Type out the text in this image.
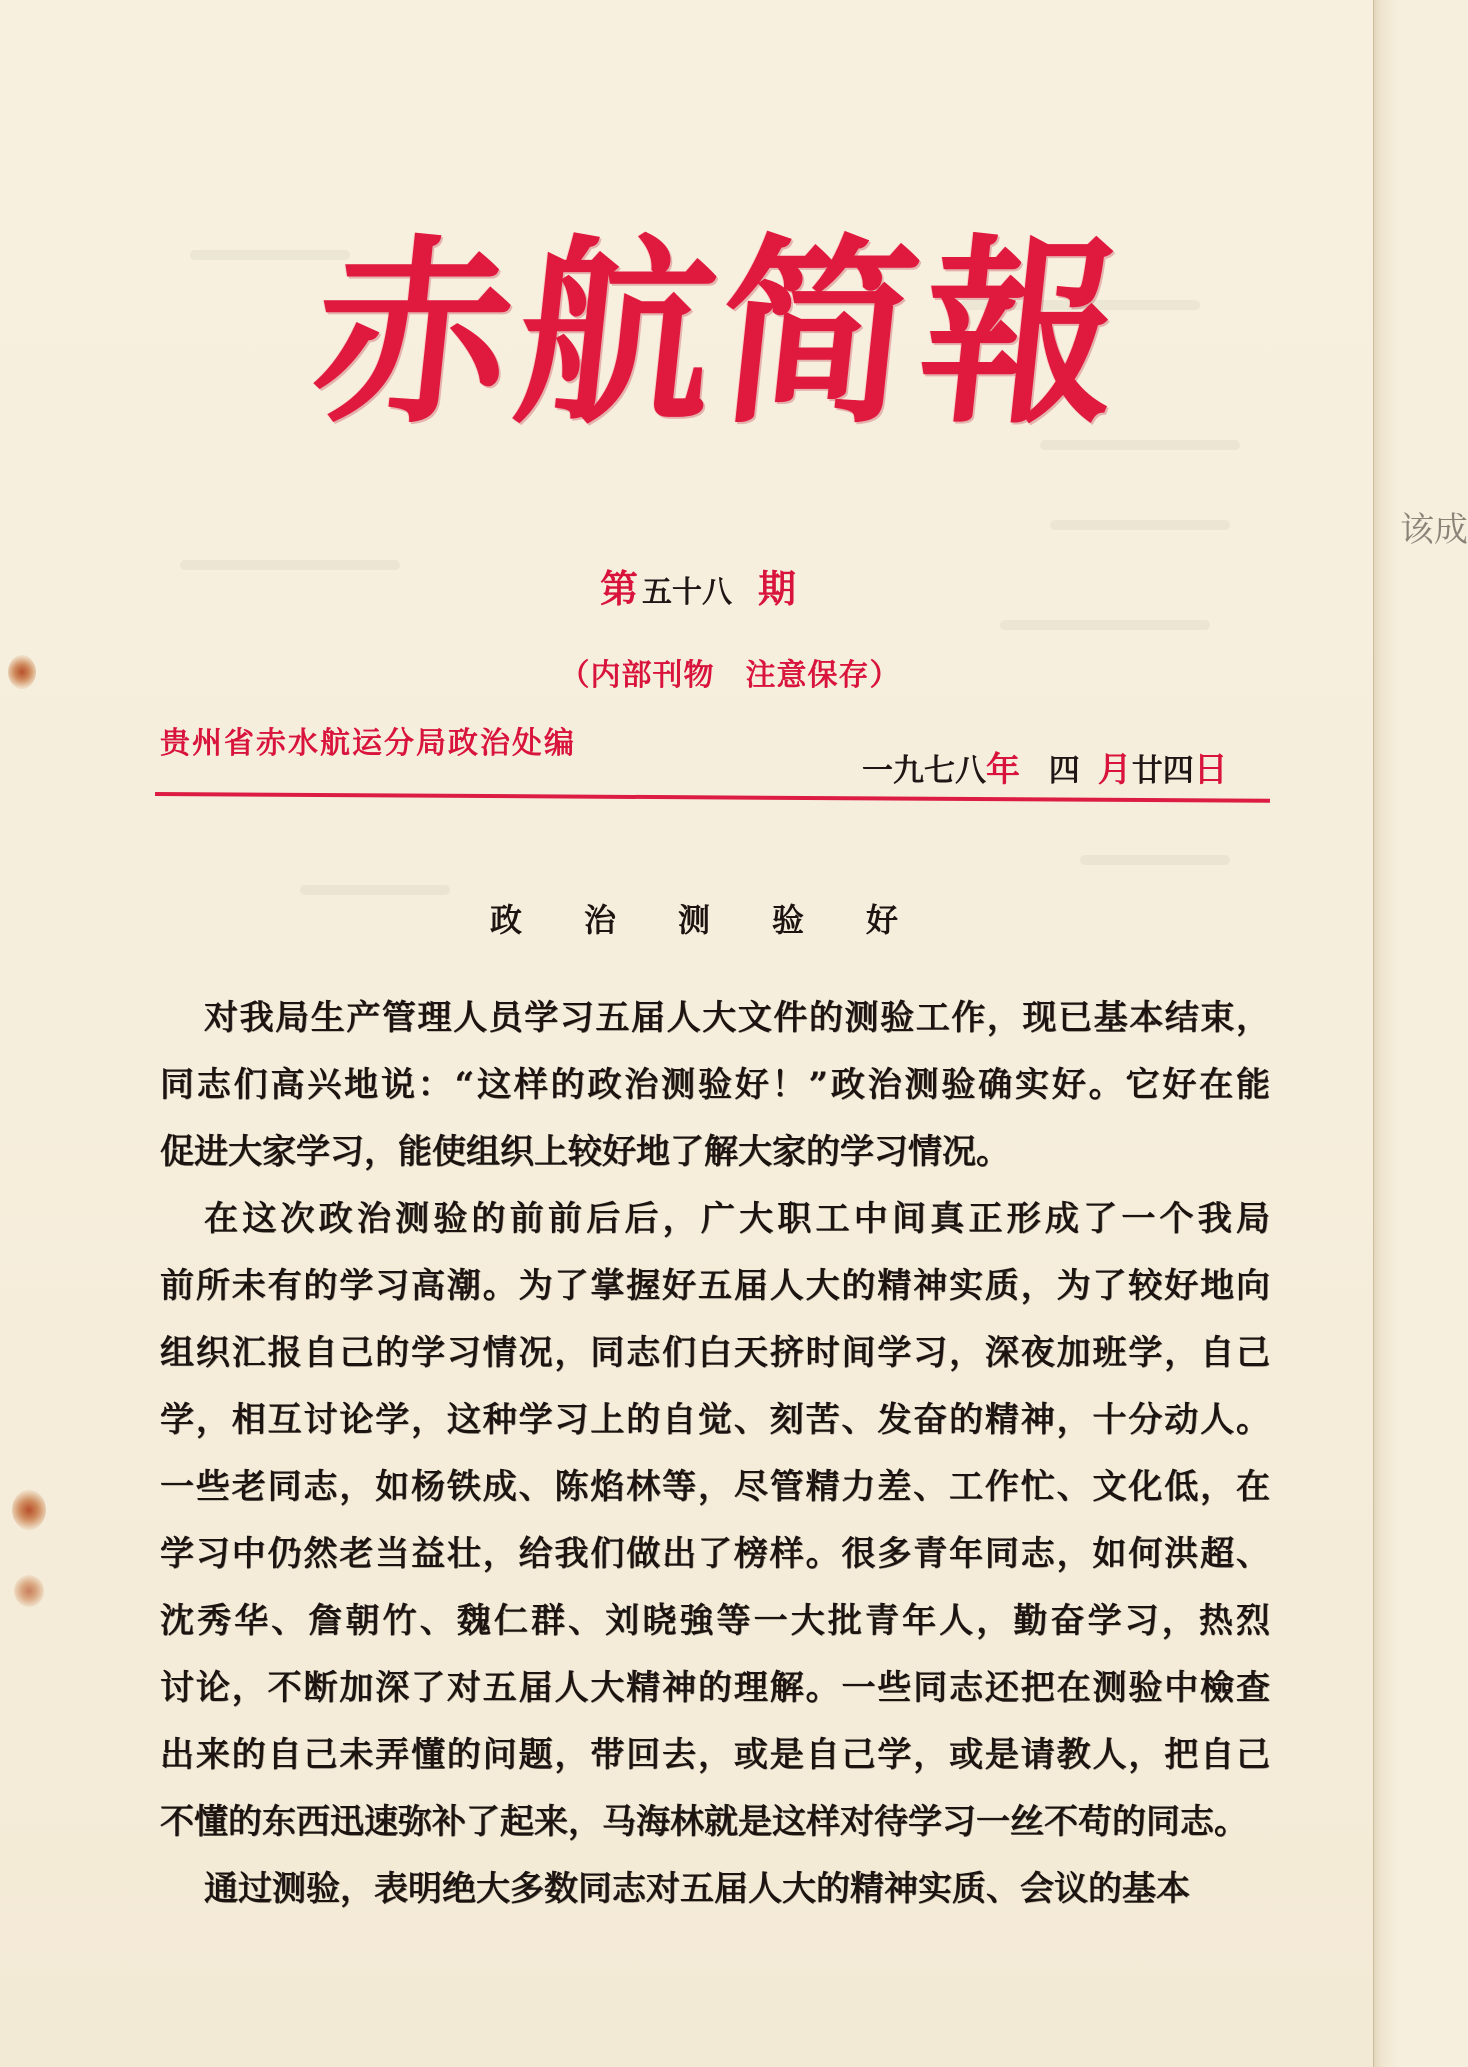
赤航简報
第 五十八 期
（内部刊物　注意保存）
贵州省赤水航运分局政治处编
一九七八年 四 月廿四日
政治测验好
对我局生产管理人员学习五届人大文件的测验工作，现已基本结束，
同志们高兴地说：“这样的政治测验好！”政治测验确实好。它好在能
促进大家学习，能使组织上较好地了解大家的学习情况。
在这次政治测验的前前后后，广大职工中间真正形成了一个我局
前所未有的学习高潮。为了掌握好五届人大的精神实质，为了较好地向
组织汇报自己的学习情况，同志们白天挤时间学习，深夜加班学，自己
学，相互讨论学，这种学习上的自觉、刻苦、发奋的精神，十分动人。
一些老同志，如杨铁成、陈焰林等，尽管精力差、工作忙、文化低，在
学习中仍然老当益壮，给我们做出了榜样。很多青年同志，如何洪超、
沈秀华、詹朝竹、魏仁群、刘晓強等一大批青年人，勤奋学习，热烈
讨论，不断加深了对五届人大精神的理解。一些同志还把在测验中檢查
出来的自己未弄懂的问题，带回去，或是自己学，或是请教人，把自己
不懂的东西迅速弥补了起来，马海林就是这样对待学习一丝不苟的同志。
通过测验，表明绝大多数同志对五届人大的精神实质、会议的基本
该成
